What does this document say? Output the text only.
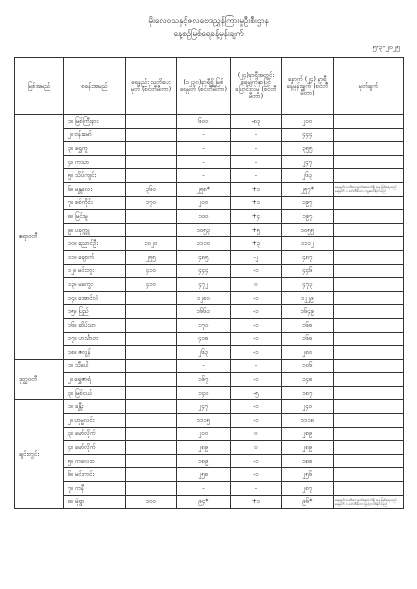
မိုးလေဝသနှင့်ဇလဗေဒညွှန်ကြားမှုဦးစီးဌာန
နေ့စဉ်မြစ်ရေခန့်မှန်းချက်
၅-၃-၂၀၂၅
မြစ်အမည်	စခန်းအမည်	ရေနည်း သတိပေးမှတ် (စင်တီမီတာ)	(၁၂၃၀)နာရီရှိ မြစ်ရေမှတ် (စင်တီမီတာ)	(၂၄)နာရီအတွင်း ရေမျက်နှာပြင် ပြောင်းလဲမှု (စင်တီမီတာ)	နောက် (၂၄) နာရီ ခန့်မှန်းချက် (စင်တီမီတာ)	မှတ်ချက်
ဧရာဝတီ	၁။ မြစ်ကြီးနား		၆၀၀	-၈၃	၂၀၀	
	၂။ ဗန်းမော်		-	-	၄၄၄	
	၃။ ရွှေကူ		-	-	၃၅၅	
	၄။ ကသာ		-	-	၂၄၇	
	၅။ သိပ်ကျင်း		-	-	၂၆၃	
	၆။ မန္တလေး	၃၆၀	၂၅၈*	+၁	၂၅၇*	ရေနည်းသတိပေးမှတ်အောက်ရှိ နေ မြစ်ရေသည် ရေမှတ် ၁ စင်တီမီတာ ကျဆင်းနိုင်သည်
	၇။ စစ်ကိုင်း	၁၇၀	၂၀၀	+၁	၁၉၇	
	၈။ မြင်းမူ		၁၀၀	+၄	၁၉၇	
	၉။ ပခုက္ကူ		၁၀၅၃	+၅	၁၀၅၅	
	၁၀။ ညောင်ဦး	၁၀၂၀	၁၁၁၀	+၃	၁၁၁၂	
	၁၁။ ချောက်	၂၅၅	၄၈၅	-၂	၄၈၇	
	၁၂။ မင်းဘူး	၄၁၀	၄၄၄	-၁	၄၄၆	
	၁၃။ မကွေး	၄၁၀	၄၇၂	၀	၄၇၃	
	၁၄။ အောင်လံ		၁၂၈၀	-၁	၁၂၂၉	
	၁၅။ ပြည်		၁၆၆၁	-၁	၁၆၄၉	
	၁၆။ ဆိပ်သာ		၁၇၀	-၁	၁၆၈	
	၁၇။ ဟင်္သာတ		၄၀၈	-၁	၁၆၈	
	၁၈။ ဇလွန်		၂၆၃	-၁	၂၈၀	
ဒုတ္ထဝတီ	၁။ သီပေါ		-	-	၁၀၆	
	၂။ ရွှေဇာရံ		၁၆၇	-၁	၁၄၈	
	၃။ မြစ်ငယ်		၁၄၀	-၅	၁၈၇	
ချင်းတွင်း	၁။ ခန္တီး		၂၄၇	-၁	၂၄၀	
	၂။ ဟုမ္မလင်း		၁၁၁၅	-၁	၁၁၁၈	
	၃။ မော်လိုက်		၂၀၀	၀	၂၈၉	
	၄။ မော်လိုက်		၂၈၉	၀	၂၈၉	
	၅။ ကလေးဝ		၁၈၉	-၁	၁၈၈	
	၆။ မင်းကင်း		၂၅၈	-၁	၂၅၆	
	၇။ ကနီ		-	-	၂၈၇	
	၈။ မုံရွာ	၁၀၀	၉၄*	+၁	၉၆*	ရေနည်းသတိပေးမှတ်အောက်ရှိ နေ မြစ်ရေသည် ရေမှတ် ၁ စင်တီမီတာ မြင့်တက်နိုင်သည်
